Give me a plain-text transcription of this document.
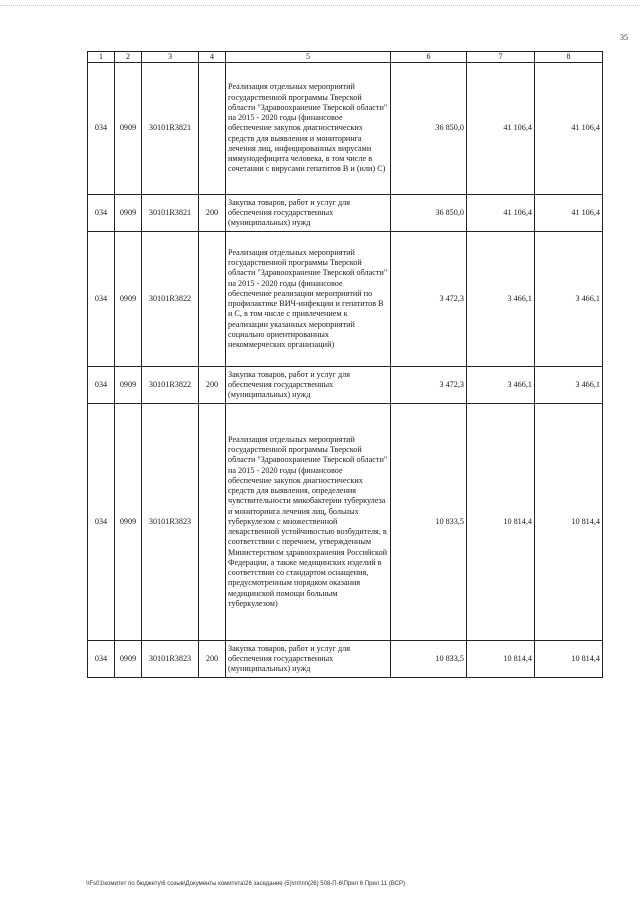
35
1	2	3	4	5	6	7	8
034	0909	30101R3821		Реализация отдельных мероприятий государственной программы Тверской области "Здравоохранение Тверской области" на 2015 - 2020 годы (финансовое обеспечение закупок диагностических средств для выявления и мониторинга лечения лиц, инфицированных вирусами иммунодефицита человека, в том числе в сочетании с вирусами гепатитов В и (или) С)	36 850,0	41 106,4	41 106,4
034	0909	30101R3821	200	Закупка товаров, работ и услуг для обеспечения государственных (муниципальных) нужд	36 850,0	41 106,4	41 106,4
034	0909	30101R3822		Реализация отдельных мероприятий государственной программы Тверской области "Здравоохранение Тверской области" на 2015 - 2020 годы (финансовое обеспечение реализации мероприятий по профилактике ВИЧ-инфекции и гепатитов В и С, в том числе с привлечением к реализации указанных мероприятий социально ориентированных некоммерческих организаций)	3 472,3	3 466,1	3 466,1
034	0909	30101R3822	200	Закупка товаров, работ и услуг для обеспечения государственных (муниципальных) нужд	3 472,3	3 466,1	3 466,1
034	0909	30101R3823		Реализация отдельных мероприятий государственной программы Тверской области "Здравоохранение Тверской области" на 2015 - 2020 годы (финансовое обеспечение закупок диагностических средств для выявления, определения чувствительности микобактерии туберкулеза и мониторинга лечения лиц, больных туберкулезом с множественной лекарственной устойчивостью возбудителя, в соответствии с перечнем, утвержденным Министерством здравоохранения Российской Федерации, а также медицинских изделий в соответствии со стандартом оснащения, предусмотренным порядком оказания медицинской помощи больным туберкулезом)	10 833,5	10 814,4	10 814,4
034	0909	30101R3823	200	Закупка товаров, работ и услуг для обеспечения государственных (муниципальных) нужд	10 833,5	10 814,4	10 814,4
\\Fs01\комитет по бюджету\6 созыв\Документы комитета\26 заседание (5)\пп\пп(26) 508-П-6\Прил 6 Прил 11 (ВСР)
